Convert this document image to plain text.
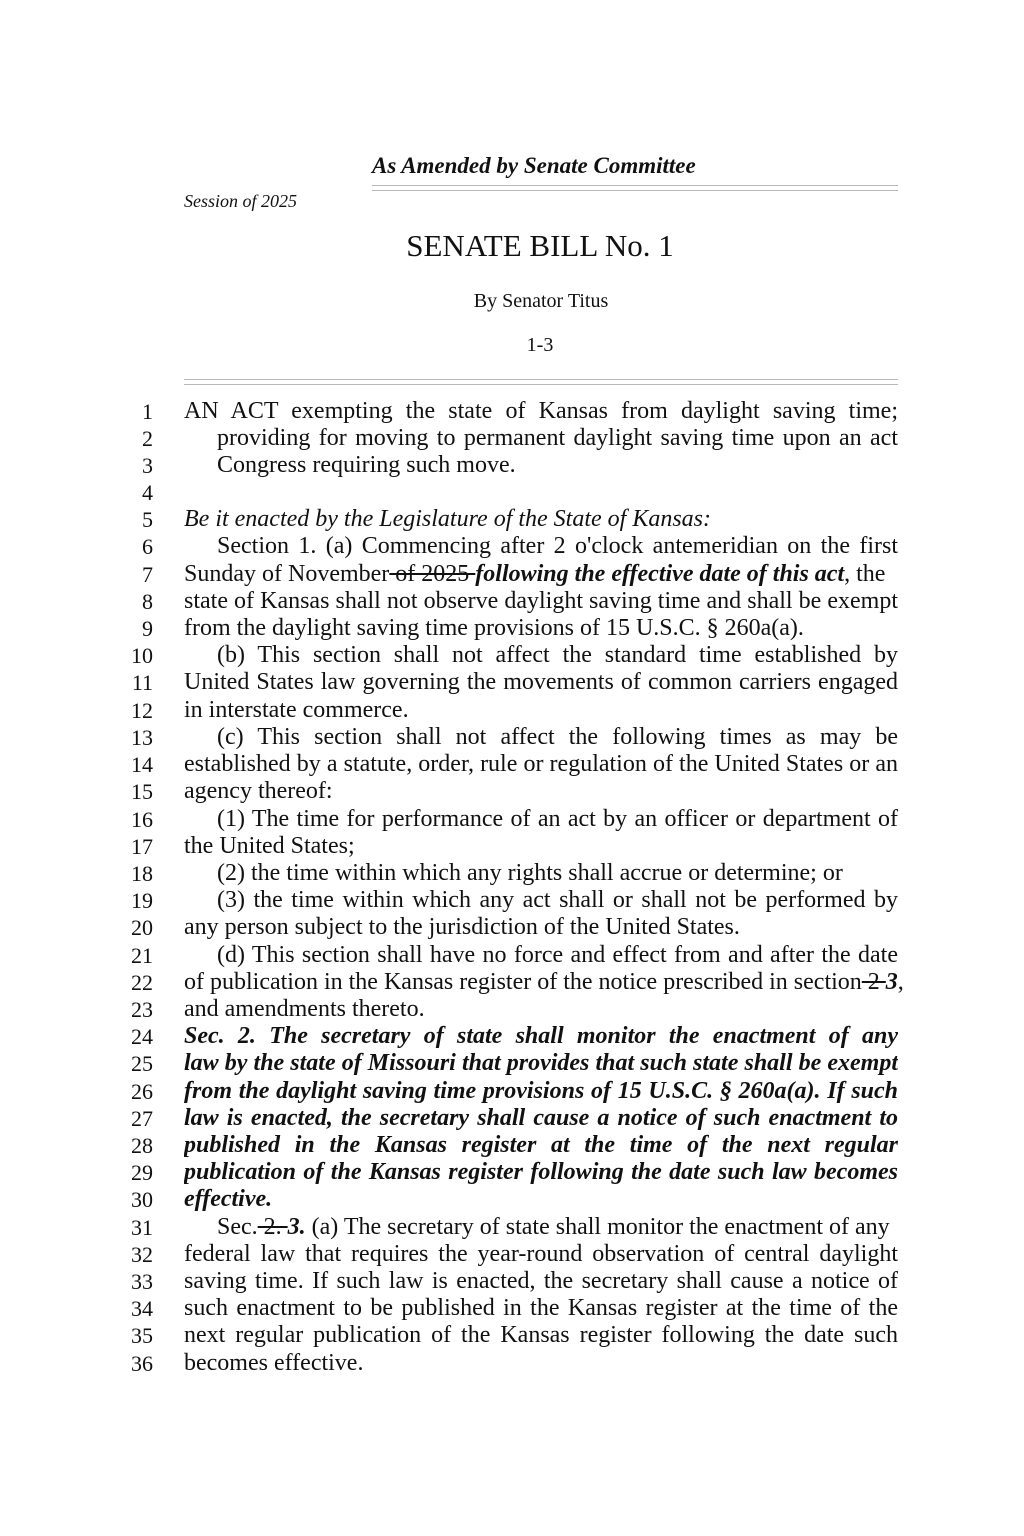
As Amended by Senate Committee
Session of 2025
SENATE BILL No. 1
By Senator Titus
1-3
1
2
3
4
5
6
7
8
9
10
11
12
13
14
15
16
17
18
19
20
21
22
23
24
25
26
27
28
29
30
31
32
33
34
35
36
AN ACT exempting the state of Kansas from daylight saving time;
providing for moving to permanent daylight saving time upon an act
Congress requiring such move.
Be it enacted by the Legislature of the State of Kansas:
Section 1. (a) Commencing after 2 o'clock antemeridian on the first
Sunday of November of 2025 following the effective date of this act, the
state of Kansas shall not observe daylight saving time and shall be exempt
from the daylight saving time provisions of 15 U.S.C. § 260a(a).
(b) This section shall not affect the standard time established by
United States law governing the movements of common carriers engaged
in interstate commerce.
(c) This section shall not affect the following times as may be
established by a statute, order, rule or regulation of the United States or an
agency thereof:
(1) The time for performance of an act by an officer or department of
the United States;
(2) the time within which any rights shall accrue or determine; or
(3) the time within which any act shall or shall not be performed by
any person subject to the jurisdiction of the United States.
(d) This section shall have no force and effect from and after the date
of publication in the Kansas register of the notice prescribed in section 2 3,
and amendments thereto.
Sec. 2. The secretary of state shall monitor the enactment of any
law by the state of Missouri that provides that such state shall be exempt
from the daylight saving time provisions of 15 U.S.C. § 260a(a). If such
law is enacted, the secretary shall cause a notice of such enactment to
published in the Kansas register at the time of the next regular
publication of the Kansas register following the date such law becomes
effective.
Sec. 2. 3. (a) The secretary of state shall monitor the enactment of any
federal law that requires the year-round observation of central daylight
saving time. If such law is enacted, the secretary shall cause a notice of
such enactment to be published in the Kansas register at the time of the
next regular publication of the Kansas register following the date such
becomes effective.
